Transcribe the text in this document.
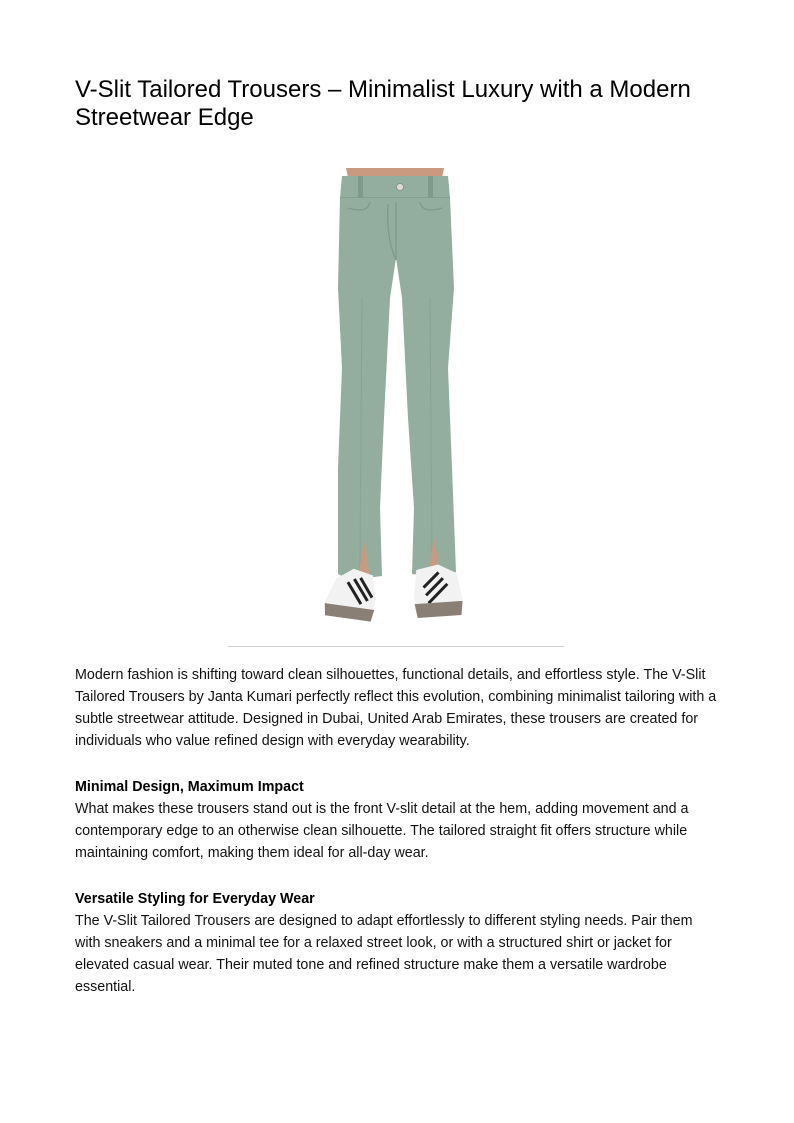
V-Slit Tailored Trousers – Minimalist Luxury with a Modern Streetwear Edge

Modern fashion is shifting toward clean silhouettes, functional details, and effortless style. The V-Slit Tailored Trousers by Janta Kumari perfectly reflect this evolution, combining minimalist tailoring with a subtle streetwear attitude. Designed in Dubai, United Arab Emirates, these trousers are created for individuals who value refined design with everyday wearability.

Minimal Design, Maximum Impact

What makes these trousers stand out is the front V-slit detail at the hem, adding movement and a contemporary edge to an otherwise clean silhouette. The tailored straight fit offers structure while maintaining comfort, making them ideal for all-day wear.

Versatile Styling for Everyday Wear

The V-Slit Tailored Trousers are designed to adapt effortlessly to different styling needs. Pair them with sneakers and a minimal tee for a relaxed street look, or with a structured shirt or jacket for elevated casual wear. Their muted tone and refined structure make them a versatile wardrobe essential.
